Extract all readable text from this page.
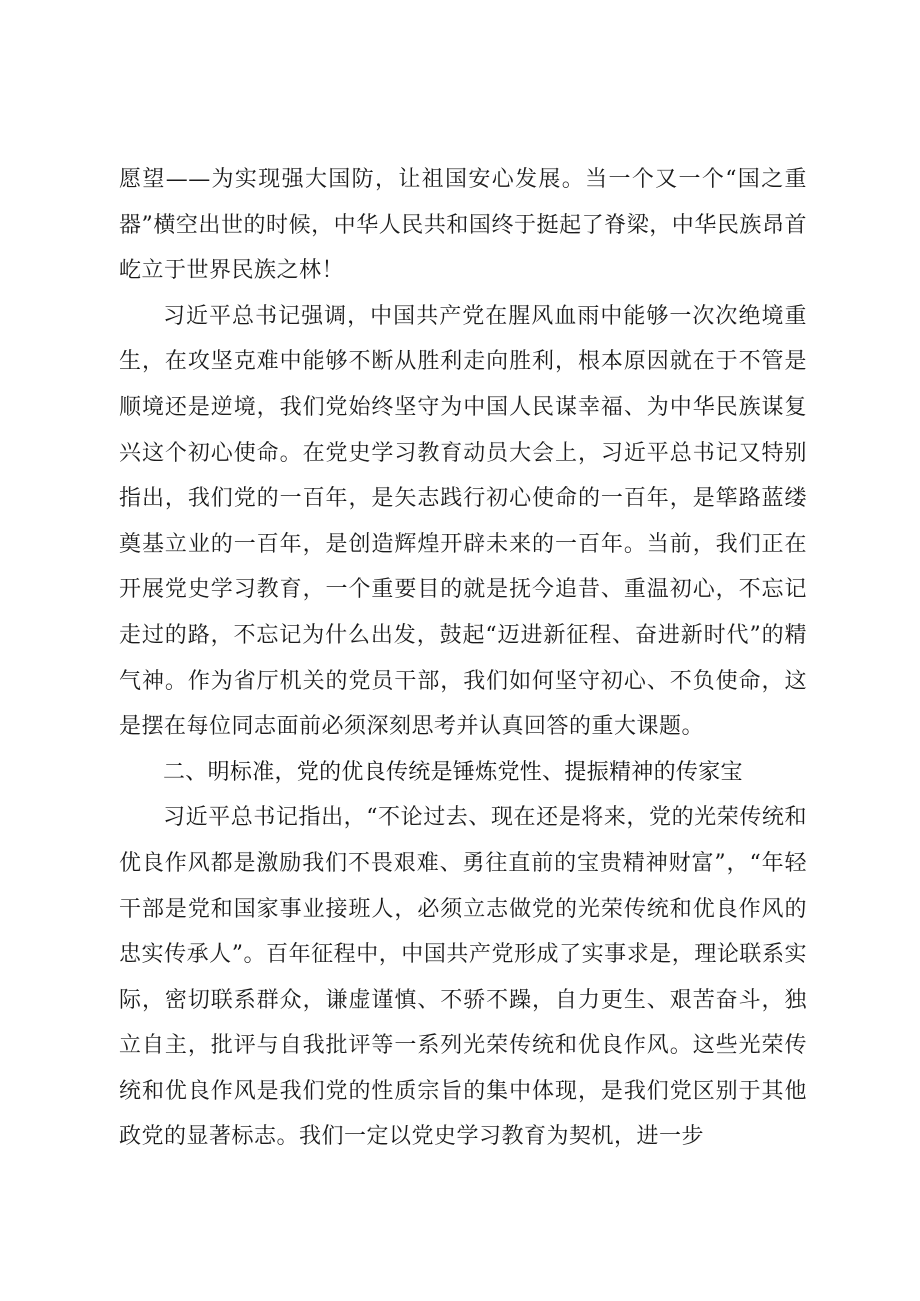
愿望——为实现强大国防，让祖国安心发展。当一个又一个“国之重器”横空出世的时候，中华人民共和国终于挺起了脊梁，中华民族昂首屹立于世界民族之林！

习近平总书记强调，中国共产党在腥风血雨中能够一次次绝境重生，在攻坚克难中能够不断从胜利走向胜利，根本原因就在于不管是顺境还是逆境，我们党始终坚守为中国人民谋幸福、为中华民族谋复兴这个初心使命。在党史学习教育动员大会上，习近平总书记又特别指出，我们党的一百年，是矢志践行初心使命的一百年，是筚路蓝缕奠基立业的一百年，是创造辉煌开辟未来的一百年。当前，我们正在开展党史学习教育，一个重要目的就是抚今追昔、重温初心，不忘记走过的路，不忘记为什么出发，鼓起“迈进新征程、奋进新时代”的精气神。作为省厅机关的党员干部，我们如何坚守初心、不负使命，这是摆在每位同志面前必须深刻思考并认真回答的重大课题。

二、明标准，党的优良传统是锤炼党性、提振精神的传家宝

习近平总书记指出，“不论过去、现在还是将来，党的光荣传统和优良作风都是激励我们不畏艰难、勇往直前的宝贵精神财富”，“年轻干部是党和国家事业接班人，必须立志做党的光荣传统和优良作风的忠实传承人”。百年征程中，中国共产党形成了实事求是，理论联系实际，密切联系群众，谦虚谨慎、不骄不躁，自力更生、艰苦奋斗，独立自主，批评与自我批评等一系列光荣传统和优良作风。这些光荣传统和优良作风是我们党的性质宗旨的集中体现，是我们党区别于其他政党的显著标志。我们一定以党史学习教育为契机，进一步
